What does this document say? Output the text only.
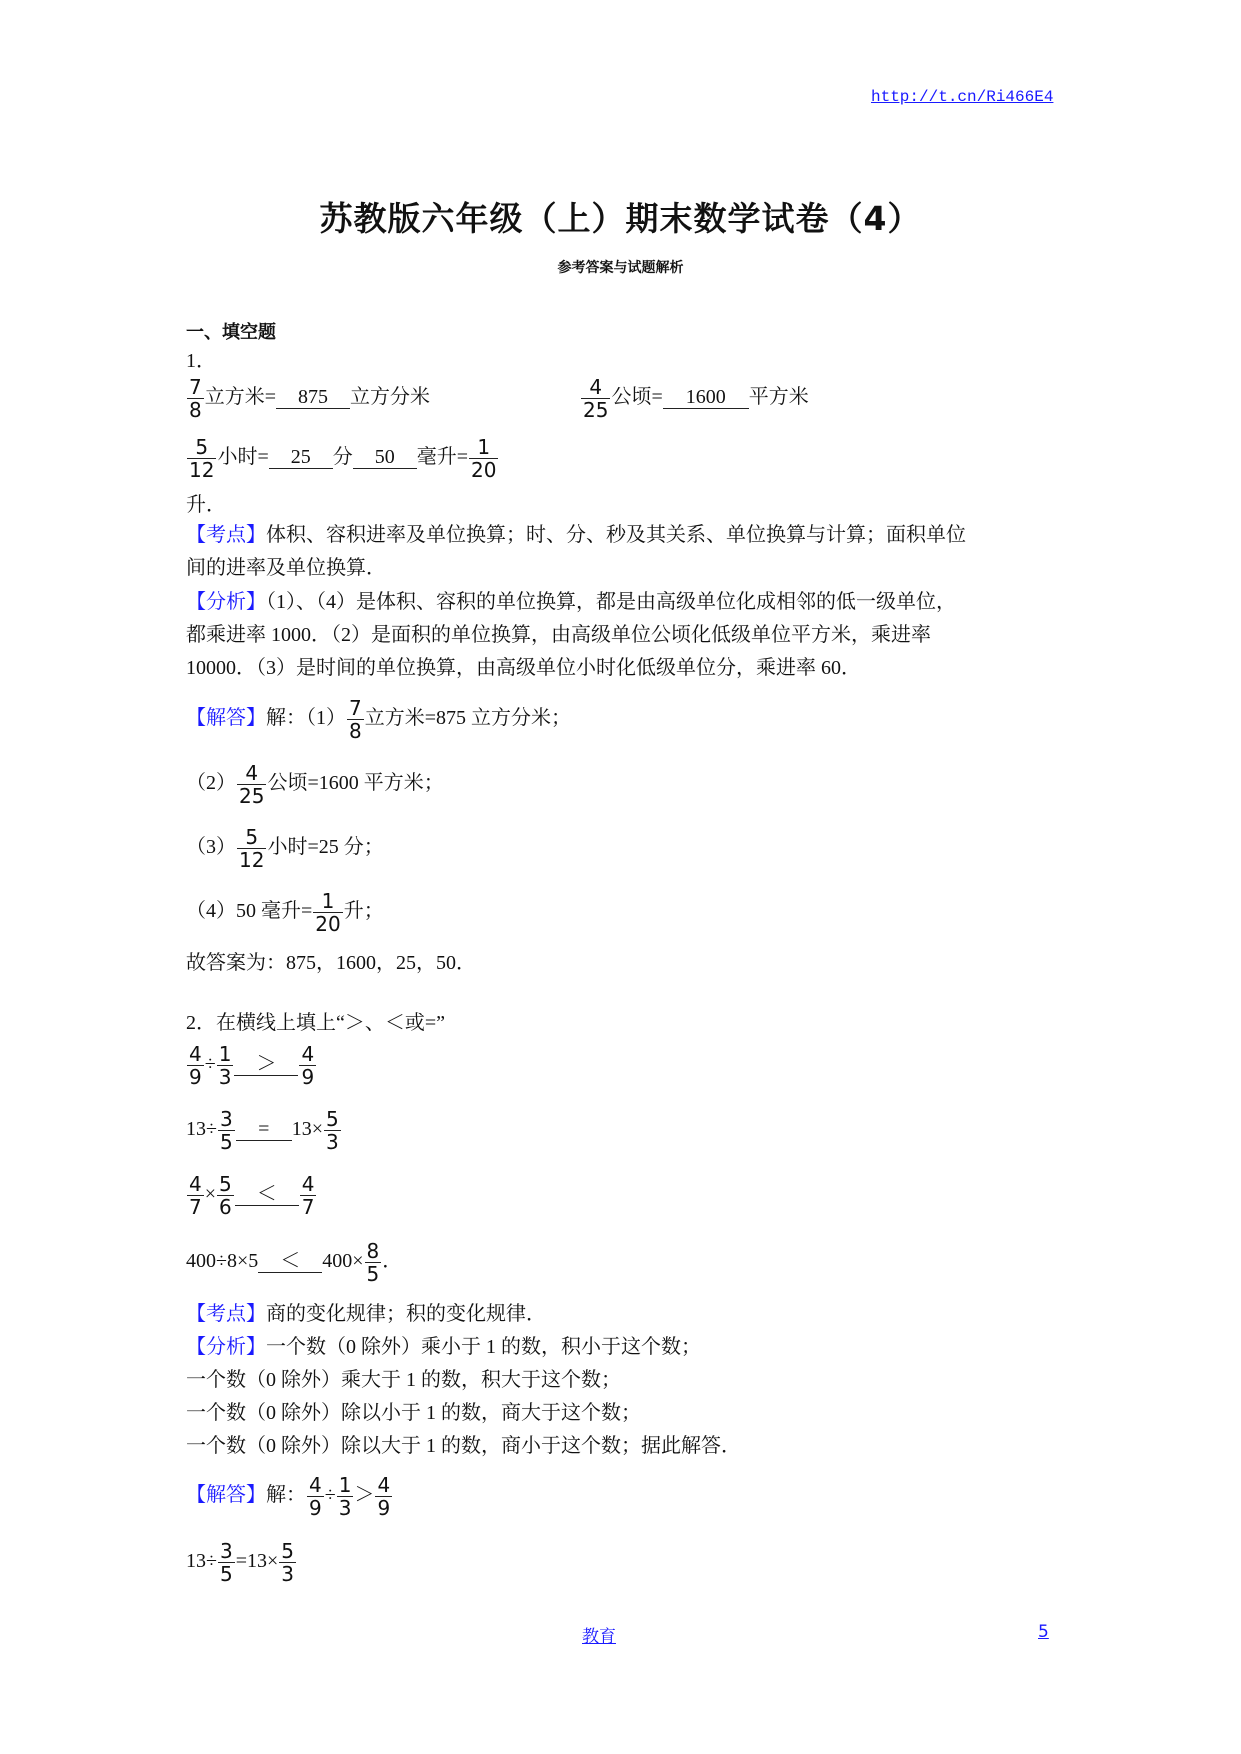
http://t.cn/Ri466E4
苏教版六年级（上）期末数学试卷（4）
参考答案与试题解析
一、填空题
1．
$\frac{7}{8}$ 立方米= 875 立方分米	$\frac{4}{25}$ 公顷= 1600 平方米
$\frac{5}{12}$ 小时= 25 分 50 毫升= $\frac{1}{20}$
升．
【考点】体积、容积进率及单位换算；时、分、秒及其关系、单位换算与计算；面积单位
间的进率及单位换算．
【分析】（1）、（4）是体积、容积的单位换算，都是由高级单位化成相邻的低一级单位，
都乘进率 1000．（2）是面积的单位换算，由高级单位公顷化低级单位平方米，乘进率
10000．（3）是时间的单位换算，由高级单位小时化低级单位分，乘进率 60．
【解答】解：$(1) \frac{7}{8}$ 立方米=875 立方分米；
$(2) \frac{4}{25}$ 公顷=1600 平方米；
$(3) \frac{5}{12}$ 小时=25 分；
（4）50 毫升= $\frac{1}{20}$ 升；
故答案为：875，1600，25，50．
2．在横线上填上“＞、＜或=”
$\frac{4}{9} \div \frac{1}{3} > \frac{4}{9}$
$13\div \frac{3}{5} = 13\times \frac{5}{3}$
$\frac{4}{7} \times \frac{5}{6} < \frac{4}{7}$
$400\div 8\times 5 < 400\times \frac{8}{5}$ ．
【考点】商的变化规律；积的变化规律．
【分析】一个数（0 除外）乘小于 1 的数，积小于这个数；
一个数（0 除外）乘大于 1 的数，积大于这个数；
一个数（0 除外）除以小于 1 的数，商大于这个数；
一个数（0 除外）除以大于 1 的数，商小于这个数；据此解答．
【解答】解： $\frac{4}{9} \div \frac{1}{3} > \frac{4}{9}$
$13\div \frac{3}{5} =13\times \frac{5}{3}$
教育	5
